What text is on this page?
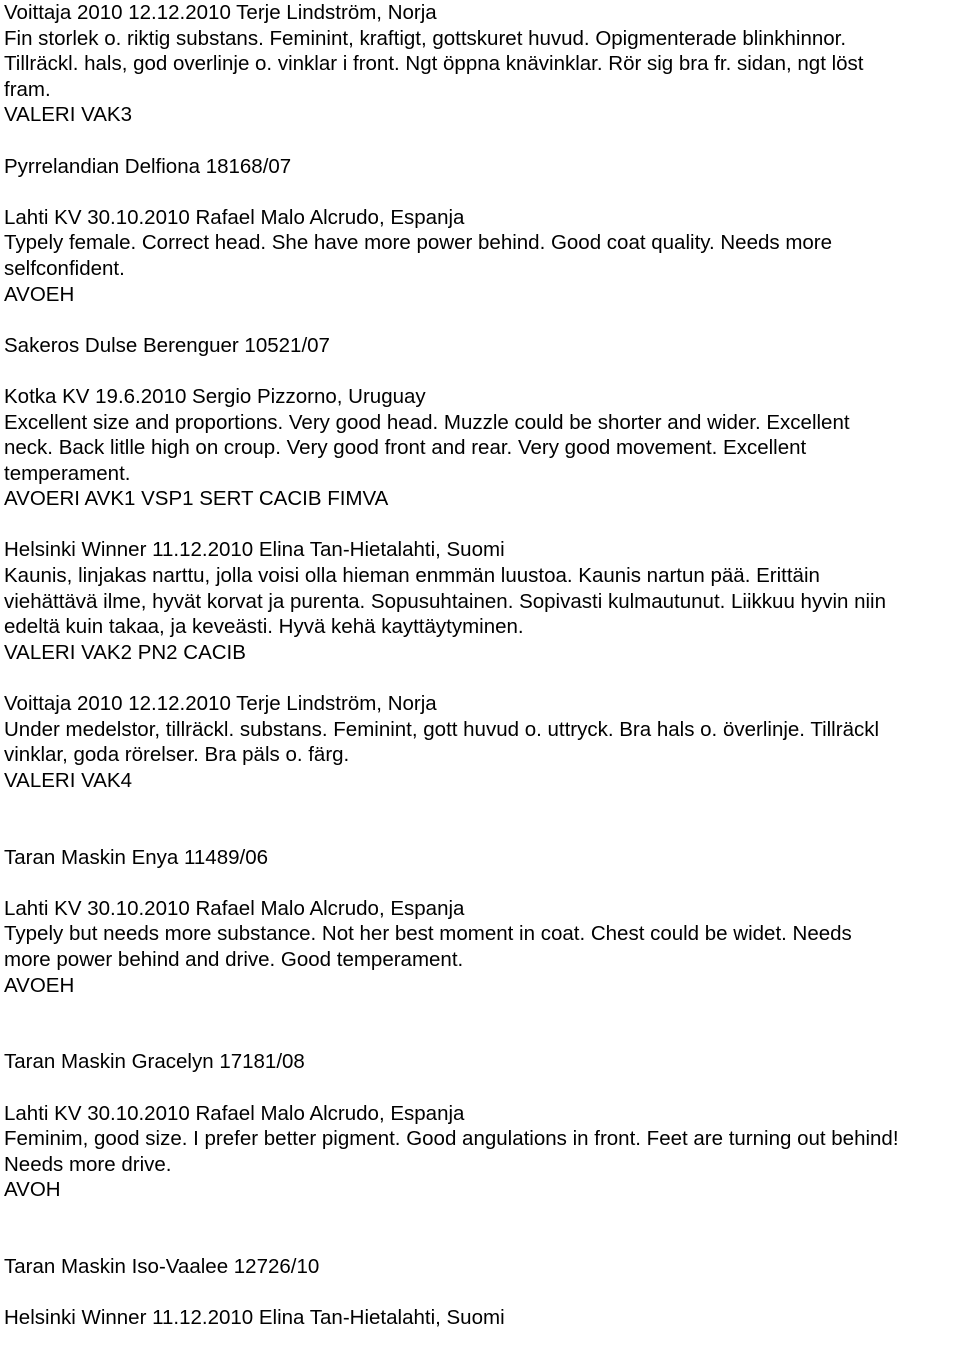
Voittaja 2010 12.12.2010 Terje Lindström, Norja
Fin storlek o. riktig substans. Feminint, kraftigt, gottskuret huvud. Opigmenterade blinkhinnor.
Tillräckl. hals, god overlinje o. vinklar i front. Ngt öppna knävinklar. Rör sig bra fr. sidan, ngt löst
fram.
VALERI VAK3
Pyrrelandian Delfiona 18168/07
Lahti KV 30.10.2010 Rafael Malo Alcrudo, Espanja
Typely female. Correct head. She have more power behind. Good coat quality. Needs more
selfconfident.
AVOEH
Sakeros Dulse Berenguer 10521/07
Kotka KV 19.6.2010 Sergio Pizzorno, Uruguay
Excellent size and proportions. Very good head. Muzzle could be shorter and wider. Excellent
neck. Back litlle high on croup. Very good front and rear. Very good movement. Excellent
temperament.
AVOERI AVK1 VSP1 SERT CACIB FIMVA
Helsinki Winner 11.12.2010 Elina Tan-Hietalahti, Suomi
Kaunis, linjakas narttu, jolla voisi olla hieman enmmän luustoa. Kaunis nartun pää. Erittäin
viehättävä ilme, hyvät korvat ja purenta. Sopusuhtainen. Sopivasti kulmautunut. Liikkuu hyvin niin
edeltä kuin takaa, ja keveästi. Hyvä kehä kayttäytyminen.
VALERI VAK2 PN2 CACIB
Voittaja 2010 12.12.2010 Terje Lindström, Norja
Under medelstor, tillräckl. substans. Feminint, gott huvud o. uttryck. Bra hals o. överlinje. Tillräckl
vinklar, goda rörelser. Bra päls o. färg.
VALERI VAK4
Taran Maskin Enya 11489/06
Lahti KV 30.10.2010 Rafael Malo Alcrudo, Espanja
Typely but needs more substance. Not her best moment in coat. Chest could be widet. Needs
more power behind and drive. Good temperament.
AVOEH
Taran Maskin Gracelyn 17181/08
Lahti KV 30.10.2010 Rafael Malo Alcrudo, Espanja
Feminim, good size. I prefer better pigment. Good angulations in front. Feet are turning out behind!
Needs more drive.
AVOH
Taran Maskin Iso-Vaalee 12726/10
Helsinki Winner 11.12.2010 Elina Tan-Hietalahti, Suomi
